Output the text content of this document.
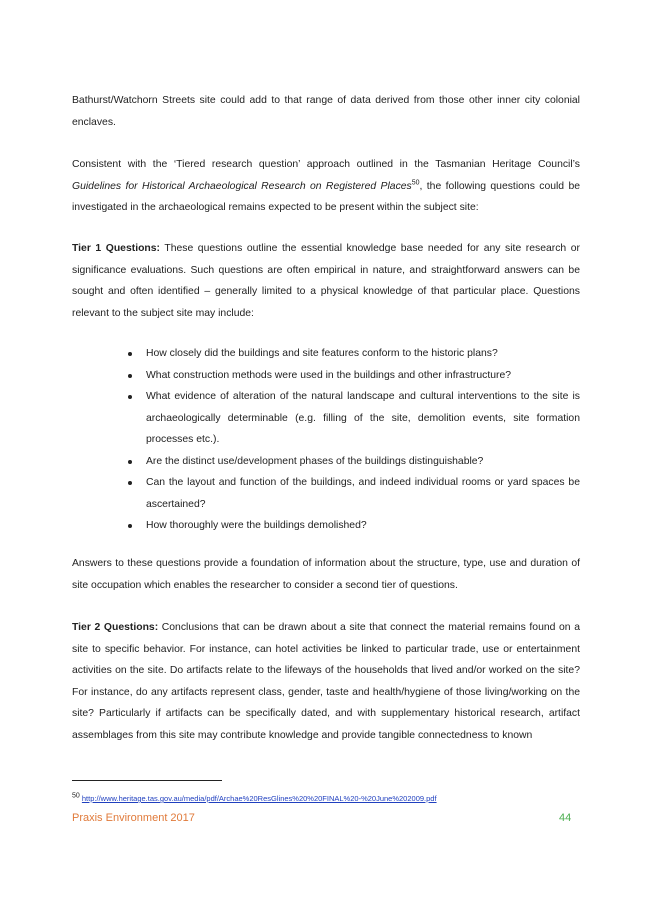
Bathurst/Watchorn Streets site could add to that range of data derived from those other inner city colonial enclaves.

Consistent with the ‘Tiered research question’ approach outlined in the Tasmanian Heritage Council’s Guidelines for Historical Archaeological Research on Registered Places$^{50}$, the following questions could be investigated in the archaeological remains expected to be present within the subject site:

Tier 1 Questions: These questions outline the essential knowledge base needed for any site research or significance evaluations. Such questions are often empirical in nature, and straightforward answers can be sought and often identified – generally limited to a physical knowledge of that particular place. Questions relevant to the subject site may include:

How closely did the buildings and site features conform to the historic plans?
What construction methods were used in the buildings and other infrastructure?
What evidence of alteration of the natural landscape and cultural interventions to the site is archaeologically determinable (e.g. filling of the site, demolition events, site formation processes etc.).
Are the distinct use/development phases of the buildings distinguishable?
Can the layout and function of the buildings, and indeed individual rooms or yard spaces be ascertained?
How thoroughly were the buildings demolished?

Answers to these questions provide a foundation of information about the structure, type, use and duration of site occupation which enables the researcher to consider a second tier of questions.

Tier 2 Questions: Conclusions that can be drawn about a site that connect the material remains found on a site to specific behavior. For instance, can hotel activities be linked to particular trade, use or entertainment activities on the site. Do artifacts relate to the lifeways of the households that lived and/or worked on the site? For instance, do any artifacts represent class, gender, taste and health/hygiene of those living/working on the site? Particularly if artifacts can be specifically dated, and with supplementary historical research, artifact assemblages from this site may contribute knowledge and provide tangible connectedness to known

$^{50}$ http://www.heritage.tas.gov.au/media/pdf/Archae%20ResGlines%20%20FINAL%20-%20June%202009.pdf
Praxis Environment 2017	44
